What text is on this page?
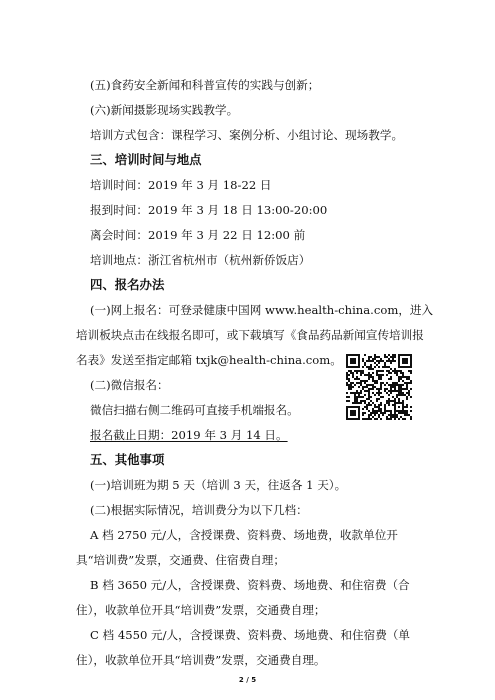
(五)食药安全新闻和科普宣传的实践与创新；
(六)新闻摄影现场实践教学。
培训方式包含：课程学习、案例分析、小组讨论、现场教学。
三、培训时间与地点
培训时间：2019 年 3 月 18-22 日
报到时间：2019 年 3 月 18 日 13:00-20:00
离会时间：2019 年 3 月 22 日 12:00 前
培训地点：浙江省杭州市（杭州新侨饭店）
四、报名办法
(一)网上报名：可登录健康中国网 www.health-china.com，进入
培训板块点击在线报名即可，或下载填写《食品药品新闻宣传培训报
名表》发送至指定邮箱 txjk@health-china.com。
(二)微信报名：
微信扫描右侧二维码可直接手机端报名。
报名截止日期：2019 年 3 月 14 日。
五、其他事项
(一)培训班为期 5 天（培训 3 天，往返各 1 天）。
(二)根据实际情况，培训费分为以下几档：
A 档 2750 元/人，含授课费、资料费、场地费，收款单位开
具“培训费”发票，交通费、住宿费自理；
B 档 3650 元/人，含授课费、资料费、场地费、和住宿费（合
住），收款单位开具“培训费”发票，交通费自理；
C 档 4550 元/人，含授课费、资料费、场地费、和住宿费（单
住），收款单位开具“培训费”发票，交通费自理。
2 / 5
